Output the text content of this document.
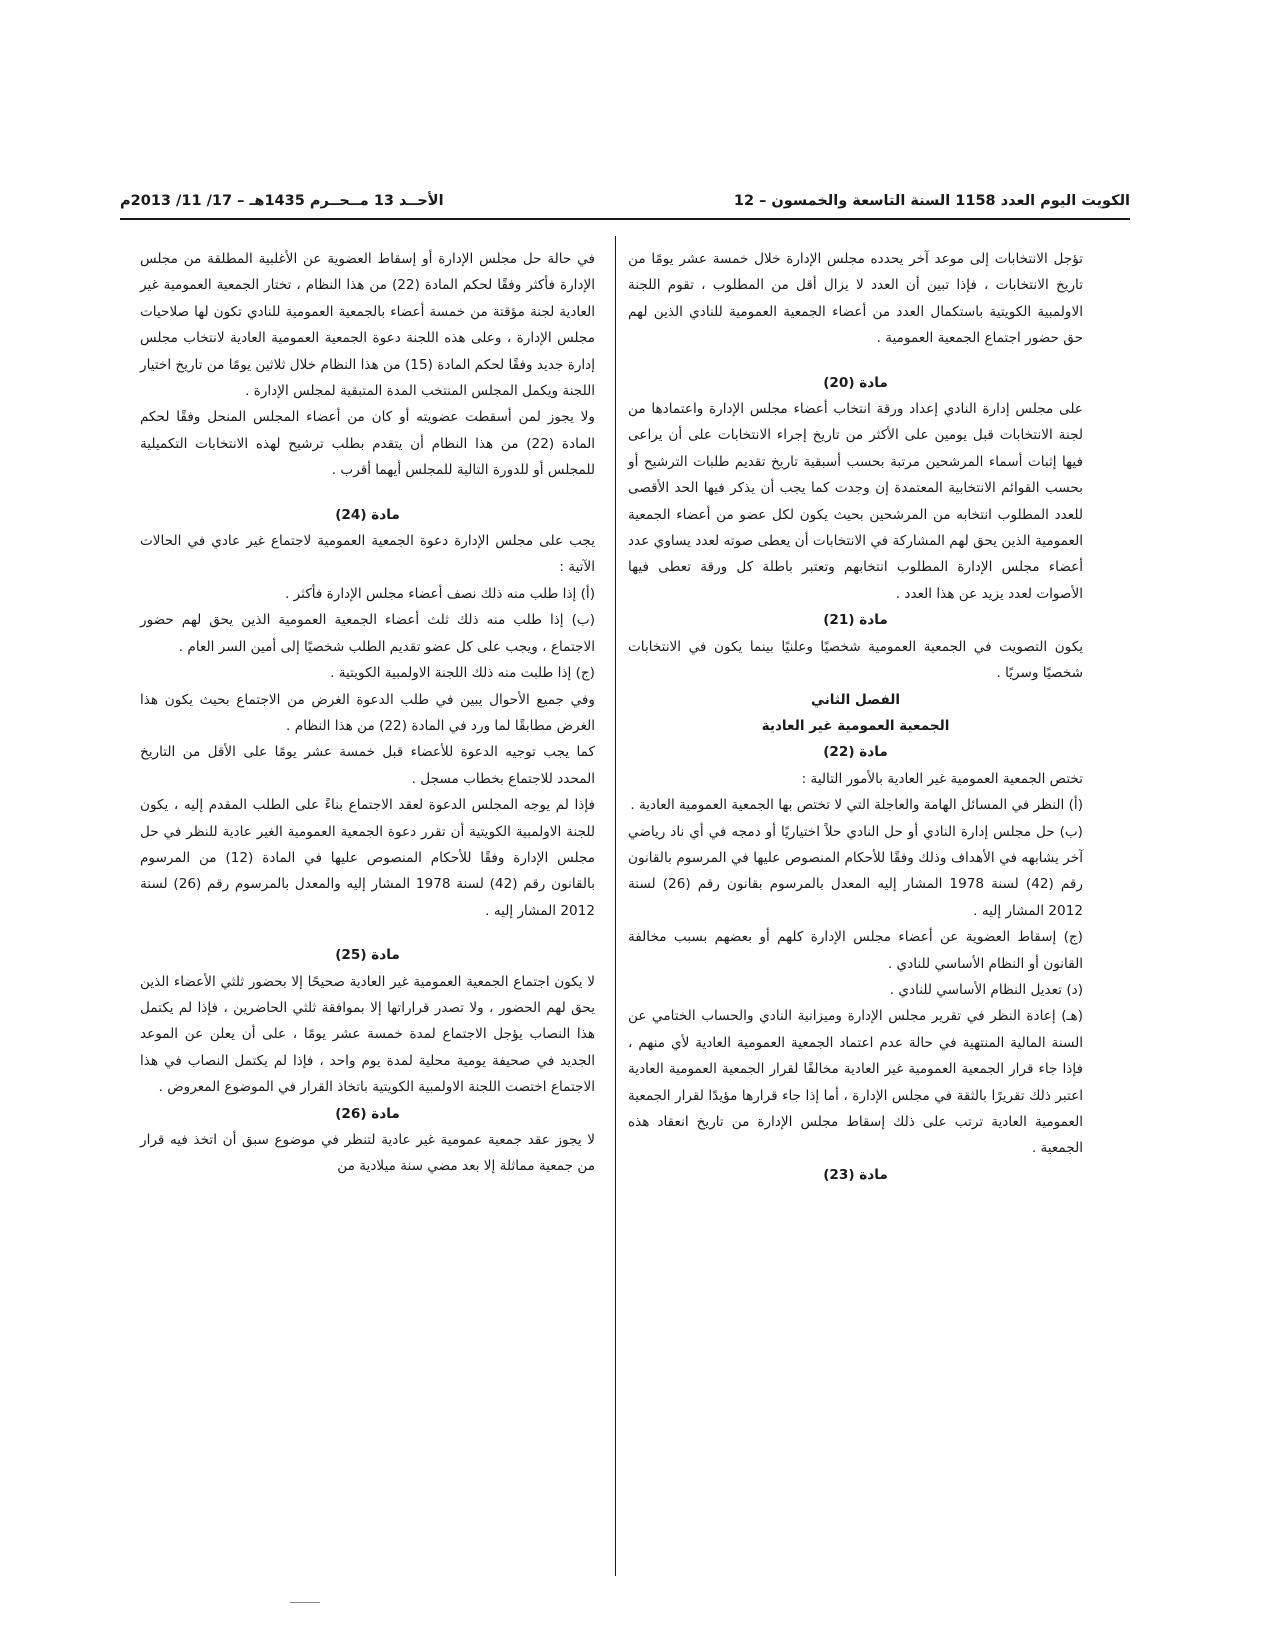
الكويت اليوم العدد 1158 السنة التاسعة والخمسون – 12
الأحــد 13 مــحــرم 1435هـ – 17/ 11/ 2013م

تؤجل الانتخابات إلى موعد آخر يحدده مجلس الإدارة خلال خمسة عشر يومًا من تاريخ الانتخابات ، فإذا تبين أن العدد لا يزال أقل من المطلوب ، تقوم اللجنة الاولمبية الكويتية باستكمال العدد من أعضاء الجمعية العمومية للنادي الذين لهم حق حضور اجتماع الجمعية العمومية .

مادة (20)

على مجلس إدارة النادي إعداد ورقة انتخاب أعضاء مجلس الإدارة واعتمادها من لجنة الانتخابات قبل يومين على الأكثر من تاريخ إجراء الانتخابات على أن يراعى فيها إثبات أسماء المرشحين مرتبة بحسب أسبقية تاريخ تقديم طلبات الترشيح أو بحسب القوائم الانتخابية المعتمدة إن وجدت كما يجب أن يذكر فيها الحد الأقصى للعدد المطلوب انتخابه من المرشحين بحيث يكون لكل عضو من أعضاء الجمعية العمومية الذين يحق لهم المشاركة في الانتخابات أن يعطى صوته لعدد يساوي عدد أعضاء مجلس الإدارة المطلوب انتخابهم وتعتبر باطلة كل ورقة تعطى فيها الأصوات لعدد يزيد عن هذا العدد .

مادة (21)

يكون التصويت في الجمعية العمومية شخصيًا وعلنيًا بينما يكون في الانتخابات شخصيًا وسريًا .

الفصل الثاني

الجمعية العمومية غير العادية

مادة (22)

تختص الجمعية العمومية غير العادية بالأمور التالية :

(أ) النظر في المسائل الهامة والعاجلة التي لا تختص بها الجمعية العمومية العادية .

(ب) حل مجلس إدارة النادي أو حل النادي حلاً اختياريًا أو دمجه في أي ناد رياضي آخر يشابهه في الأهداف وذلك وفقًا للأحكام المنصوص عليها في المرسوم بالقانون رقم (42) لسنة 1978 المشار إليه المعدل بالمرسوم بقانون رقم (26) لسنة 2012 المشار إليه .

(ج) إسقاط العضوية عن أعضاء مجلس الإدارة كلهم أو بعضهم بسبب مخالفة القانون أو النظام الأساسي للنادي .

(د) تعديل النظام الأساسي للنادي .

(هـ) إعادة النظر في تقرير مجلس الإدارة وميزانية النادي والحساب الختامي عن السنة المالية المنتهية في حالة عدم اعتماد الجمعية العمومية العادية لأي منهم ، فإذا جاء قرار الجمعية العمومية غير العادية مخالفًا لقرار الجمعية العمومية العادية اعتبر ذلك تقريرًا بالثقة في مجلس الإدارة ، أما إذا جاء قرارها مؤيدًا لقرار الجمعية العمومية العادية ترتب على ذلك إسقاط مجلس الإدارة من تاريخ انعقاد هذه الجمعية .

مادة (23)

في حالة حل مجلس الإدارة أو إسقاط العضوية عن الأغلبية المطلقة من مجلس الإدارة فأكثر وفقًا لحكم المادة (22) من هذا النظام ، تختار الجمعية العمومية غير العادية لجنة مؤقتة من خمسة أعضاء بالجمعية العمومية للنادي تكون لها صلاحيات مجلس الإدارة ، وعلى هذه اللجنة دعوة الجمعية العمومية العادية لانتخاب مجلس إدارة جديد وفقًا لحكم المادة (15) من هذا النظام خلال ثلاثين يومًا من تاريخ اختيار اللجنة ويكمل المجلس المنتخب المدة المتبقية لمجلس الإدارة .

ولا يجوز لمن أسقطت عضويته أو كان من أعضاء المجلس المنحل وفقًا لحكم المادة (22) من هذا النظام أن يتقدم بطلب ترشيح لهذه الانتخابات التكميلية للمجلس أو للدورة التالية للمجلس أيهما أقرب .

مادة (24)

يجب على مجلس الإدارة دعوة الجمعية العمومية لاجتماع غير عادي في الحالات الآتية :

(أ) إذا طلب منه ذلك نصف أعضاء مجلس الإدارة فأكثر .

(ب) إذا طلب منه ذلك ثلث أعضاء الجمعية العمومية الذين يحق لهم حضور الاجتماع ، ويجب على كل عضو تقديم الطلب شخصيًا إلى أمين السر العام .

(ج) إذا طلبت منه ذلك اللجنة الاولمبية الكويتية .

وفي جميع الأحوال يبين في طلب الدعوة الغرض من الاجتماع بحيث يكون هذا الغرض مطابقًا لما ورد في المادة (22) من هذا النظام .

كما يجب توجيه الدعوة للأعضاء قبل خمسة عشر يومًا على الأقل من التاريخ المحدد للاجتماع بخطاب مسجل .

فإذا لم يوجه المجلس الدعوة لعقد الاجتماع بناءً على الطلب المقدم إليه ، يكون للجنة الاولمبية الكويتية أن تقرر دعوة الجمعية العمومية الغير عادية للنظر في حل مجلس الإدارة وفقًا للأحكام المنصوص عليها في المادة (12) من المرسوم بالقانون رقم (42) لسنة 1978 المشار إليه والمعدل بالمرسوم رقم (26) لسنة 2012 المشار إليه .

مادة (25)

لا يكون اجتماع الجمعية العمومية غير العادية صحيحًا إلا بحضور ثلثي الأعضاء الذين يحق لهم الحضور ، ولا تصدر قراراتها إلا بموافقة ثلثي الحاضرين ، فإذا لم يكتمل هذا النصاب يؤجل الاجتماع لمدة خمسة عشر يومًا ، على أن يعلن عن الموعد الجديد في صحيفة يومية محلية لمدة يوم واحد ، فإذا لم يكتمل النصاب في هذا الاجتماع اختصت اللجنة الاولمبية الكويتية باتخاذ القرار في الموضوع المعروض .

مادة (26)

لا يجوز عقد جمعية عمومية غير عادية لتنظر في موضوع سبق أن اتخذ فيه قرار من جمعية مماثلة إلا بعد مضي سنة ميلادية من
